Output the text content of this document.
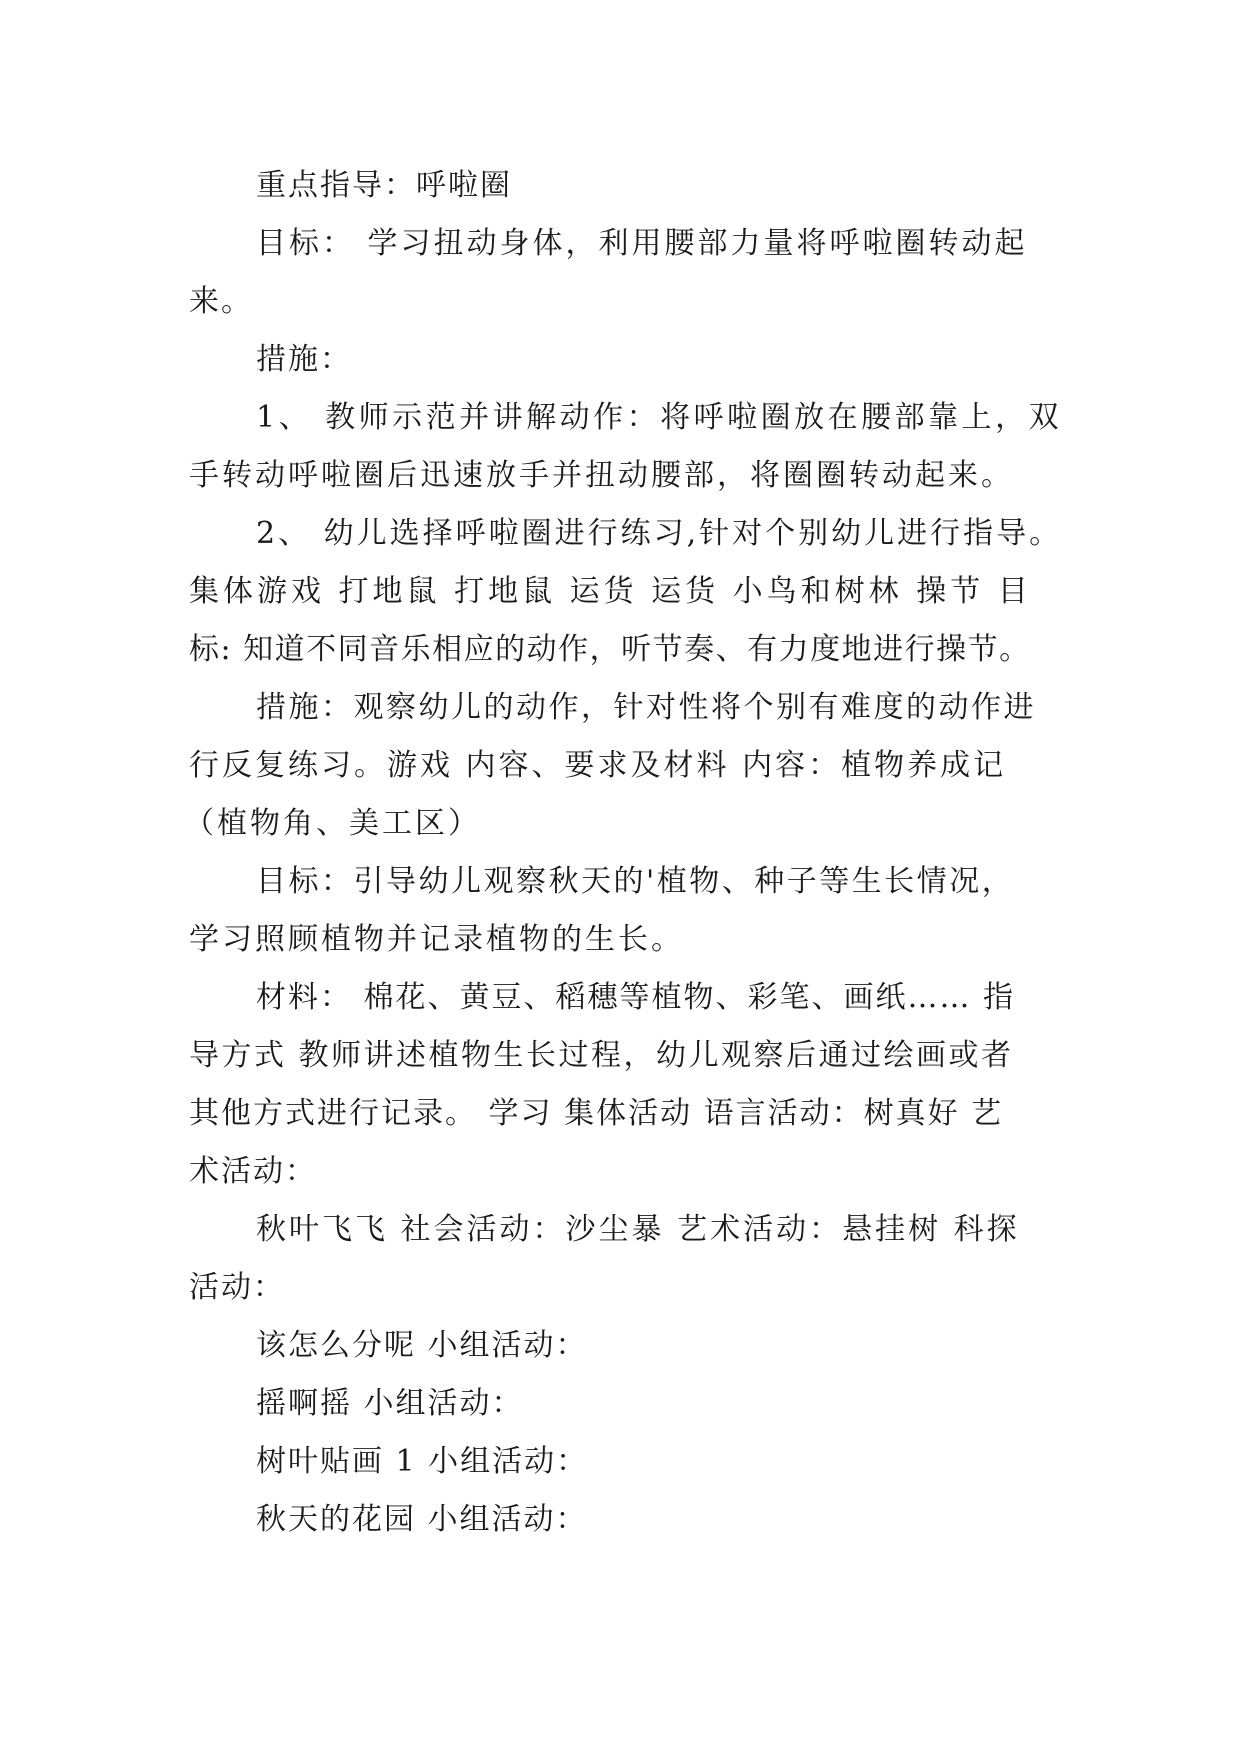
重点指导：呼啦圈
目标： 学习扭动身体，利用腰部力量将呼啦圈转动起
来。
措施：
1、 教师示范并讲解动作：将呼啦圈放在腰部靠上，双
手转动呼啦圈后迅速放手并扭动腰部，将圈圈转动起来。
2、 幼儿选择呼啦圈进行练习,针对个别幼儿进行指导。
集体游戏 打地鼠 打地鼠 运货 运货 小鸟和树林 操节 目
标: 知道不同音乐相应的动作，听节奏、有力度地进行操节。
措施：观察幼儿的动作，针对性将个别有难度的动作进
行反复练习。游戏 内容、要求及材料 内容：植物养成记
（植物角、美工区）
目标：引导幼儿观察秋天的'植物、种子等生长情况，
学习照顾植物并记录植物的生长。
材料： 棉花、黄豆、稻穗等植物、彩笔、画纸…… 指
导方式 教师讲述植物生长过程，幼儿观察后通过绘画或者
其他方式进行记录。 学习 集体活动 语言活动：树真好 艺
术活动：
秋叶飞飞 社会活动：沙尘暴 艺术活动：悬挂树 科探
活动：
该怎么分呢 小组活动：
摇啊摇 小组活动：
树叶贴画 1 小组活动：
秋天的花园 小组活动：
